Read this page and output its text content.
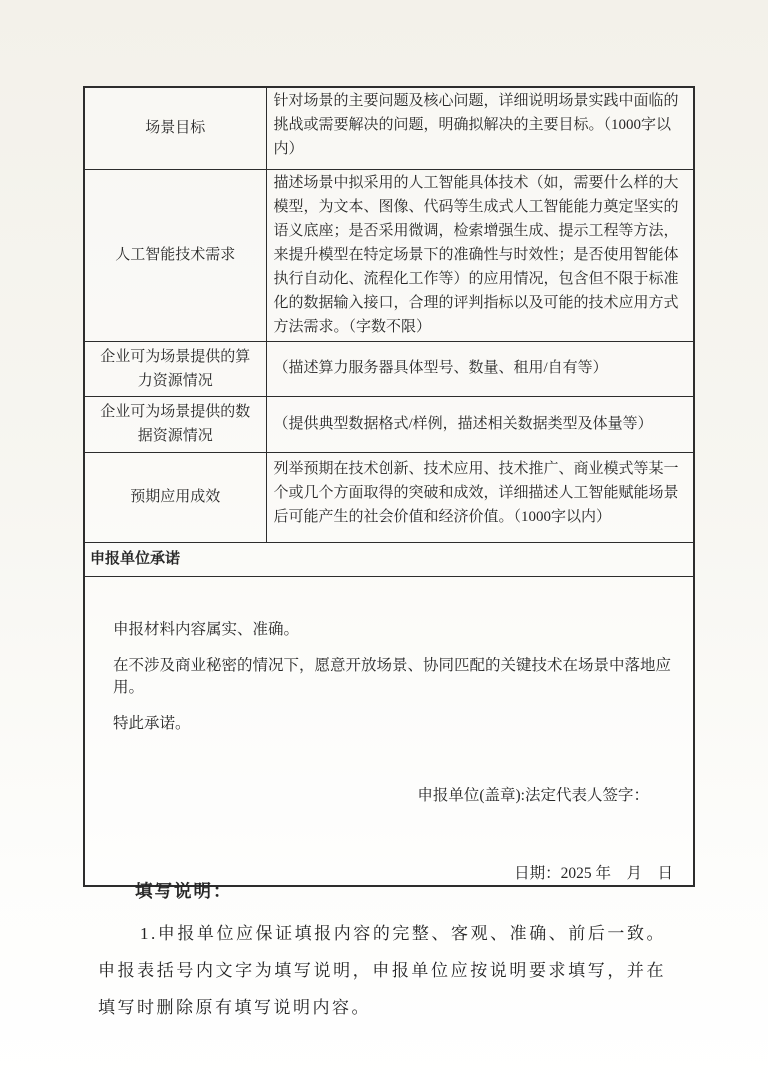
场景目标	针对场景的主要问题及核心问题，详细说明场景实践中面临的挑战或需要解决的问题，明确拟解决的主要目标。（1000字以内）
人工智能技术需求	描述场景中拟采用的人工智能具体技术（如，需要什么样的大模型，为文本、图像、代码等生成式人工智能能力奠定坚实的语义底座；是否采用微调，检索增强生成、提示工程等方法，来提升模型在特定场景下的准确性与时效性；是否使用智能体执行自动化、流程化工作等）的应用情况，包含但不限于标准化的数据输入接口，合理的评判指标以及可能的技术应用方式方法需求。（字数不限）
企业可为场景提供的算力资源情况	（描述算力服务器具体型号、数量、租用/自有等）
企业可为场景提供的数据资源情况	（提供典型数据格式/样例，描述相关数据类型及体量等）
预期应用成效	列举预期在技术创新、技术应用、技术推广、商业模式等某一个或几个方面取得的突破和成效，详细描述人工智能赋能场景后可能产生的社会价值和经济价值。（1000字以内）
申报单位承诺	

申报材料内容属实、准确。

在不涉及商业秘密的情况下，愿意开放场景、协同匹配的关键技术在场景中落地应用。

特此承诺。

申报单位(盖章):法定代表人签字：

日期：2025 年　月　日	

填写说明：

1.申报单位应保证填报内容的完整、客观、准确、前后一致。申报表括号内文字为填写说明，申报单位应按说明要求填写，并在填写时删除原有填写说明内容。
